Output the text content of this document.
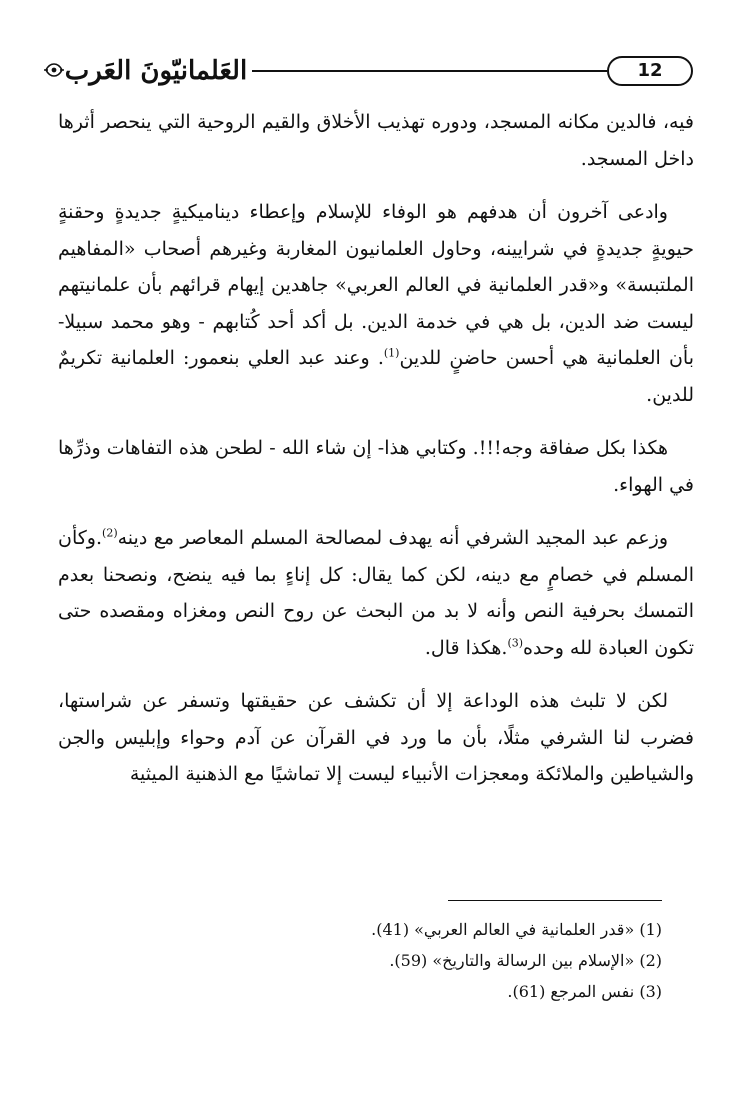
12
العَلمانيّونَ العَرب

فيه، فالدين مكانه المسجد، ودوره تهذيب الأخلاق والقيم الروحية التي ينحصر أثرها داخل المسجد.

وادعى آخرون أن هدفهم هو الوفاء للإسلام وإعطاء ديناميكيةٍ جديدةٍ وحقنةٍ حيويةٍ جديدةٍ في شرايينه، وحاول العلمانيون المغاربة وغيرهم أصحاب «المفاهيم الملتبسة» و«قدر العلمانية في العالم العربي» جاهدين إيهام قرائهم بأن علمانيتهم ليست ضد الدين، بل هي في خدمة الدين. بل أكد أحد كُتابهم - وهو محمد سبيلا- بأن العلمانية هي أحسن حاضنٍ للدين$^{(1)}$. وعند عبد العلي بنعمور: العلمانية تكريمٌ للدين.

هكذا بكل صفاقة وجه!!!. وكتابي هذا- إن شاء الله - لطحن هذه التفاهات وذرِّها في الهواء.

وزعم عبد المجيد الشرفي أنه يهدف لمصالحة المسلم المعاصر مع دينه$^{(2)}$.وكأن المسلم في خصامٍ مع دينه، لكن كما يقال: كل إناءٍ بما فيه ينضح، ونصحنا بعدم التمسك بحرفية النص وأنه لا بد من البحث عن روح النص ومغزاه ومقصده حتى تكون العبادة لله وحده$^{(3)}$.هكذا قال.

لكن لا تلبث هذه الوداعة إلا أن تكشف عن حقيقتها وتسفر عن شراستها، فضرب لنا الشرفي مثلًا، بأن ما ورد في القرآن عن آدم وحواء وإبليس والجن والشياطين والملائكة ومعجزات الأنبياء ليست إلا تماشيًا مع الذهنية الميثية

(1) «قدر العلمانية في العالم العربي» (41).

(2) «الإسلام بين الرسالة والتاريخ» (59).

(3) نفس المرجع (61).
